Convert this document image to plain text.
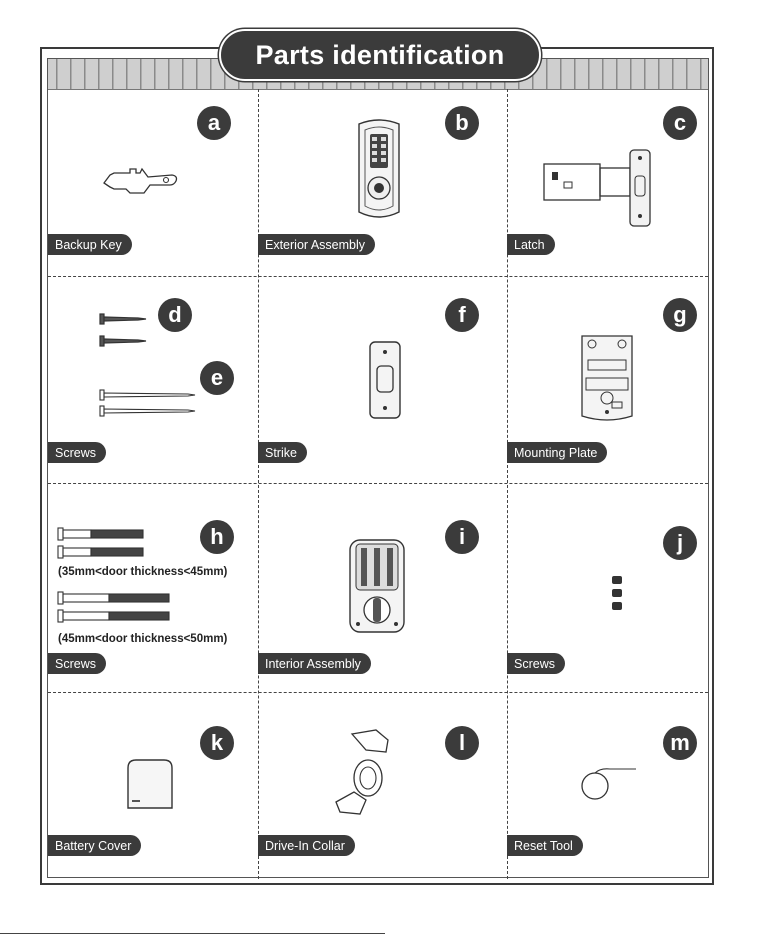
Parts identification
a
Backup Key
b
Exterior Assembly
c
Latch
d
e
Screws
f
Strike
g
Mounting Plate
h
(35mm<door thickness<45mm)
(45mm<door thickness<50mm)
Screws
i
Interior Assembly
j
Screws
k
Battery Cover
l
Drive-In Collar
m
Reset Tool
